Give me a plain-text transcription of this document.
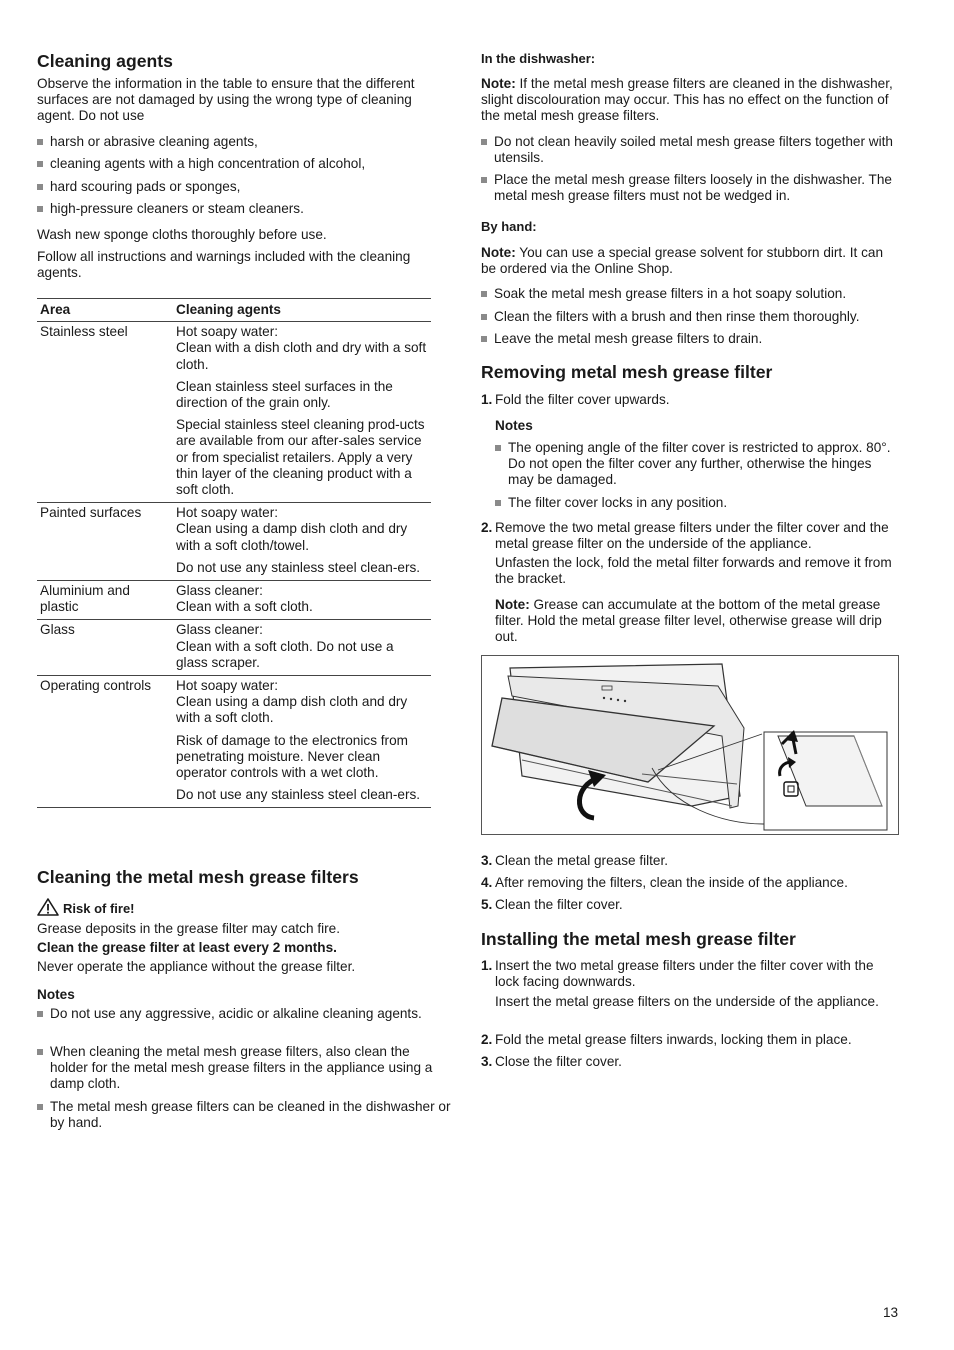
Cleaning agents

Observe the information in the table to ensure that the different surfaces are not damaged by using the wrong type of cleaning agent. Do not use

harsh or abrasive cleaning agents,
cleaning agents with a high concentration of alcohol,
hard scouring pads or sponges,
high-pressure cleaners or steam cleaners.

Wash new sponge cloths thoroughly before use.

Follow all instructions and warnings included with the cleaning agents.

Area	Cleaning agents
Stainless steel	Hot soapy water:
Clean with a dish cloth and dry with a soft cloth.
Clean stainless steel surfaces in the direction of the grain only.
Special stainless steel cleaning prod-ucts are available from our after-sales service or from specialist retailers. Apply a very thin layer of the cleaning product with a soft cloth.

Painted surfaces	Hot soapy water:
Clean using a damp dish cloth and dry with a soft cloth/towel.
Do not use any stainless steel clean-ers.

Aluminium and plastic	Glass cleaner:
Clean with a soft cloth.

Glass	Glass cleaner:
Clean with a soft cloth. Do not use a glass scraper.

Operating controls	Hot soapy water:
Clean using a damp dish cloth and dry with a soft cloth.
Risk of damage to the electronics from penetrating moisture. Never clean operator controls with a wet cloth.
Do not use any stainless steel clean-ers.
Cleaning the metal mesh grease filters
Risk of fire!

Grease deposits in the grease filter may catch fire.

Clean the grease filter at least every 2 months.

Never operate the appliance without the grease filter.

Notes

Do not use any aggressive, acidic or alkaline cleaning agents.
When cleaning the metal mesh grease filters, also clean the holder for the metal mesh grease filters in the appliance using a damp cloth.
The metal mesh grease filters can be cleaned in the dishwasher or by hand.

In the dishwasher:

Note: If the metal mesh grease filters are cleaned in the dishwasher, slight discolouration may occur. This has no effect on the function of the metal mesh grease filters.

Do not clean heavily soiled metal mesh grease filters together with utensils.
Place the metal mesh grease filters loosely in the dishwasher. The metal mesh grease filters must not be wedged in.

By hand:

Note: You can use a special grease solvent for stubborn dirt. It can be ordered via the Online Shop.

Soak the metal mesh grease filters in a hot soapy solution.
Clean the filters with a brush and then rinse them thoroughly.
Leave the metal mesh grease filters to drain.
Removing metal mesh grease filter
1. Fold the filter cover upwards.

Notes

The opening angle of the filter cover is restricted to approx. 80°. Do not open the filter cover any further, otherwise the hinges may be damaged.
The filter cover locks in any position.
2. Remove the two metal grease filters under the filter cover and the metal grease filter on the underside of the appliance.

Unfasten the lock, fold the metal filter forwards and remove it from the bracket.

Note: Grease can accumulate at the bottom of the metal grease filter. Hold the metal grease filter level, otherwise grease will drip out.

3. Clean the metal grease filter.
4. After removing the filters, clean the inside of the appliance.
5. Clean the filter cover.
Installing the metal mesh grease filter
1. Insert the two metal grease filters under the filter cover with the lock facing downwards.

Insert the metal grease filters on the underside of the appliance.

2. Fold the metal grease filters inwards, locking them in place.
3. Close the filter cover.
13
